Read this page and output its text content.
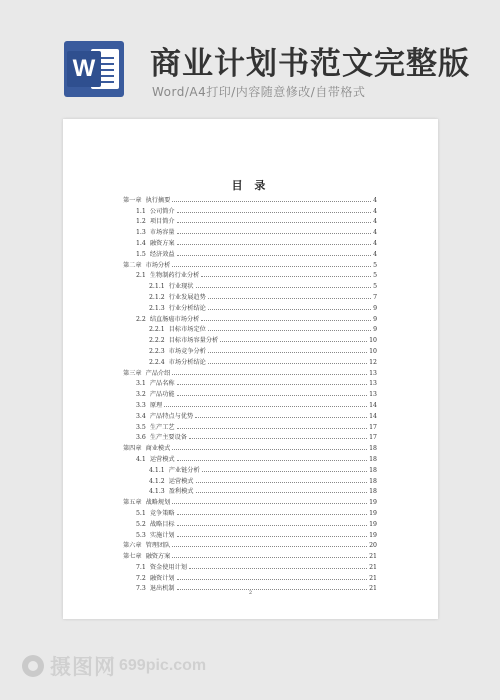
W 商业计划书范文完整版
Word/A4打印/内容随意修改/自带格式
目 录
第一章 执行摘要	4
1.1 公司简介	4
1.2 项目简介	4
1.3 市场容量	4
1.4 融资方案	4
1.5 经济效益	4
第二章 市场分析	5
2.1 生物制药行业分析	5
2.1.1 行业现状	5
2.1.2 行业发展趋势	7
2.1.3 行业分析结论	9
2.2 结直肠癌市场分析	9
2.2.1 目标市场定位	9
2.2.2 目标市场容量分析	10
2.2.3 市场竞争分析	10
2.2.4 市场分析结论	12
第三章 产品介绍	13
3.1 产品名称	13
3.2 产品功能	13
3.3 原理	14
3.4 产品特点与优势	14
3.5 生产工艺	17
3.6 生产主要设备	17
第四章 商业模式	18
4.1 运营模式	18
4.1.1 产业链分析	18
4.1.2 运营模式	18
4.1.3 盈利模式	18
第五章 战略规划	19
5.1 竞争策略	19
5.2 战略目标	19
5.3 实施计划	19
第六章 管理团队	20
第七章 融资方案	21
7.1 资金使用计划	21
7.2 融资计划	21
7.3 退出机制	21
2
摄图网 699pic.com
